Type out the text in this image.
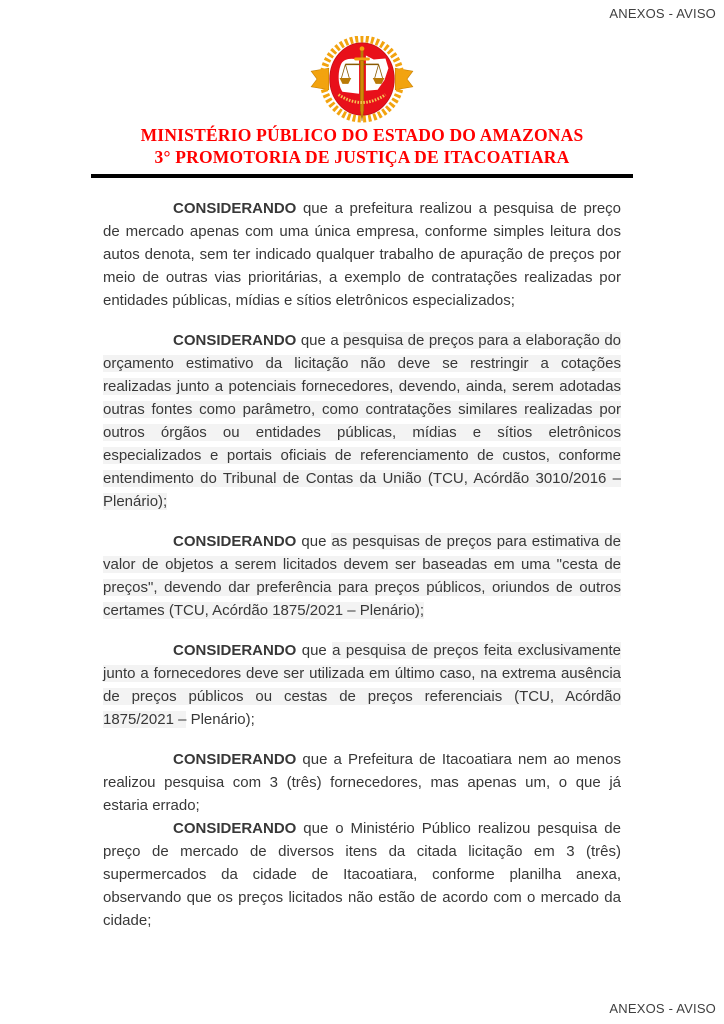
ANEXOS - AVISO
MINISTÉRIO PÚBLICO DO ESTADO DO AMAZONAS
3° PROMOTORIA DE JUSTIÇA DE ITACOATIARA

CONSIDERANDO que a prefeitura realizou a pesquisa de preço de mercado apenas com uma única empresa, conforme simples leitura dos autos denota, sem ter indicado qualquer trabalho de apuração de preços por meio de outras vias prioritárias, a exemplo de contratações realizadas por entidades públicas, mídias e sítios eletrônicos especializados;

CONSIDERANDO que a pesquisa de preços para a elaboração do orçamento estimativo da licitação não deve se restringir a cotações realizadas junto a potenciais fornecedores, devendo, ainda, serem adotadas outras fontes como parâmetro, como contratações similares realizadas por outros órgãos ou entidades públicas, mídias e sítios eletrônicos especializados e portais oficiais de referenciamento de custos, conforme entendimento do Tribunal de Contas da União (TCU, Acórdão 3010/2016 – Plenário);

CONSIDERANDO que as pesquisas de preços para estimativa de valor de objetos a serem licitados devem ser baseadas em uma "cesta de preços", devendo dar preferência para preços públicos, oriundos de outros certames (TCU, Acórdão 1875/2021 – Plenário);

CONSIDERANDO que a pesquisa de preços feita exclusivamente junto a fornecedores deve ser utilizada em último caso, na extrema ausência de preços públicos ou cestas de preços referenciais (TCU, Acórdão 1875/2021 – Plenário);

CONSIDERANDO que a Prefeitura de Itacoatiara nem ao menos realizou pesquisa com 3 (três) fornecedores, mas apenas um, o que já estaria errado;

CONSIDERANDO que o Ministério Público realizou pesquisa de preço de mercado de diversos itens da citada licitação em 3 (três) supermercados da cidade de Itacoatiara, conforme planilha anexa, observando que os preços licitados não estão de acordo com o mercado da cidade;

ANEXOS - AVISO
